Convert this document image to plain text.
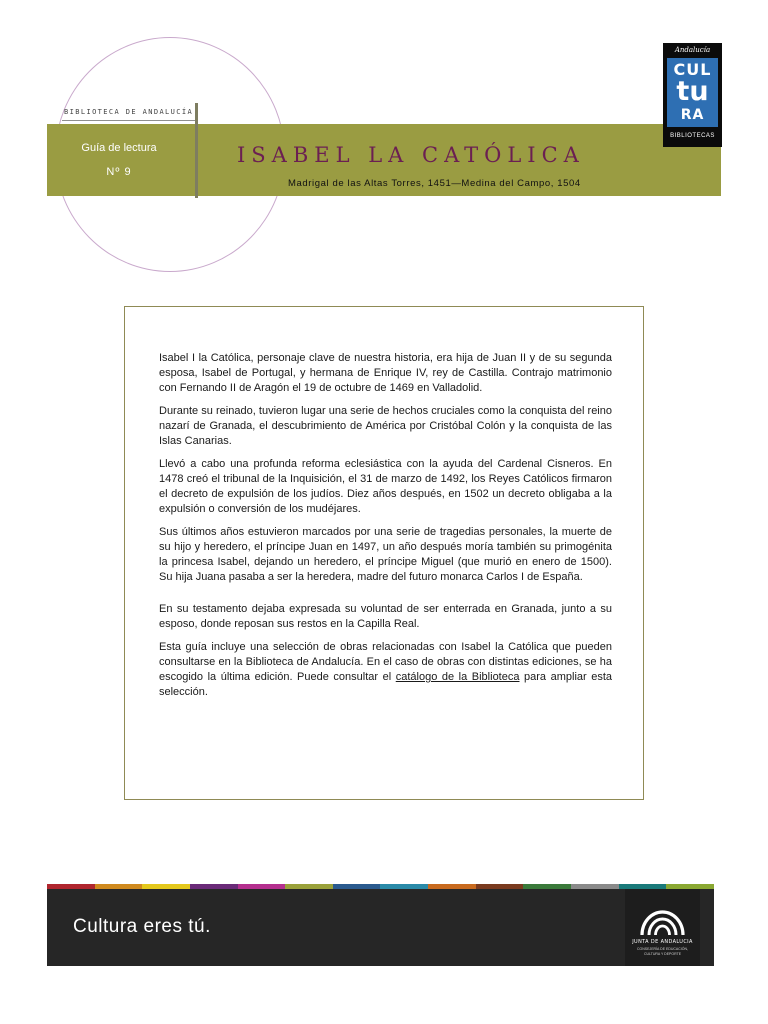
BIBLIOTECA DE ANDALUCÍA
Guía de lectura
Nº 9
ISABEL LA CATÓLICA
Madrigal de las Altas Torres, 1451—Medina del Campo, 1504
Andalucía
CUL
tu
RA
BIBLIOTECAS

Isabel I la Católica, personaje clave de nuestra historia, era hija de Juan II y de su segunda esposa, Isabel de Portugal, y hermana de Enrique IV, rey de Castilla. Contrajo matrimonio con Fernando II de Aragón el 19 de octubre de 1469 en Valladolid.

Durante su reinado, tuvieron lugar una serie de hechos cruciales como la conquista del reino nazarí de Granada, el descubrimiento de América por Cristóbal Colón y la conquista de las Islas Canarias.

Llevó a cabo una profunda reforma eclesiástica con la ayuda del Cardenal Cisneros. En 1478 creó el tribunal de la Inquisición, el 31 de marzo de 1492, los Reyes Católicos firmaron el decreto de expulsión de los judíos. Diez años después, en 1502 un decreto obligaba a la expulsión o conversión de los mudéjares.

Sus últimos años estuvieron marcados por una serie de tragedias personales, la muerte de su hijo y heredero, el príncipe Juan en 1497, un año después moría también su primogénita la princesa Isabel, dejando un heredero, el príncipe Miguel (que murió en enero de 1500). Su hija Juana pasaba a ser la heredera, madre del futuro monarca Carlos I de España.

En su testamento dejaba expresada su voluntad de ser enterrada en Granada, junto a su esposo, donde reposan sus restos en la Capilla Real.

Esta guía incluye una selección de obras relacionadas con Isabel la Católica que pueden consultarse en la Biblioteca de Andalucía. En el caso de obras con distintas ediciones, se ha escogido la última edición. Puede consultar el catálogo de la Biblioteca para ampliar esta selección.

Cultura eres tú.
JUNTA DE ANDALUCIA
CONSEJERÍA DE EDUCACIÓN,
CULTURA Y DEPORTE
